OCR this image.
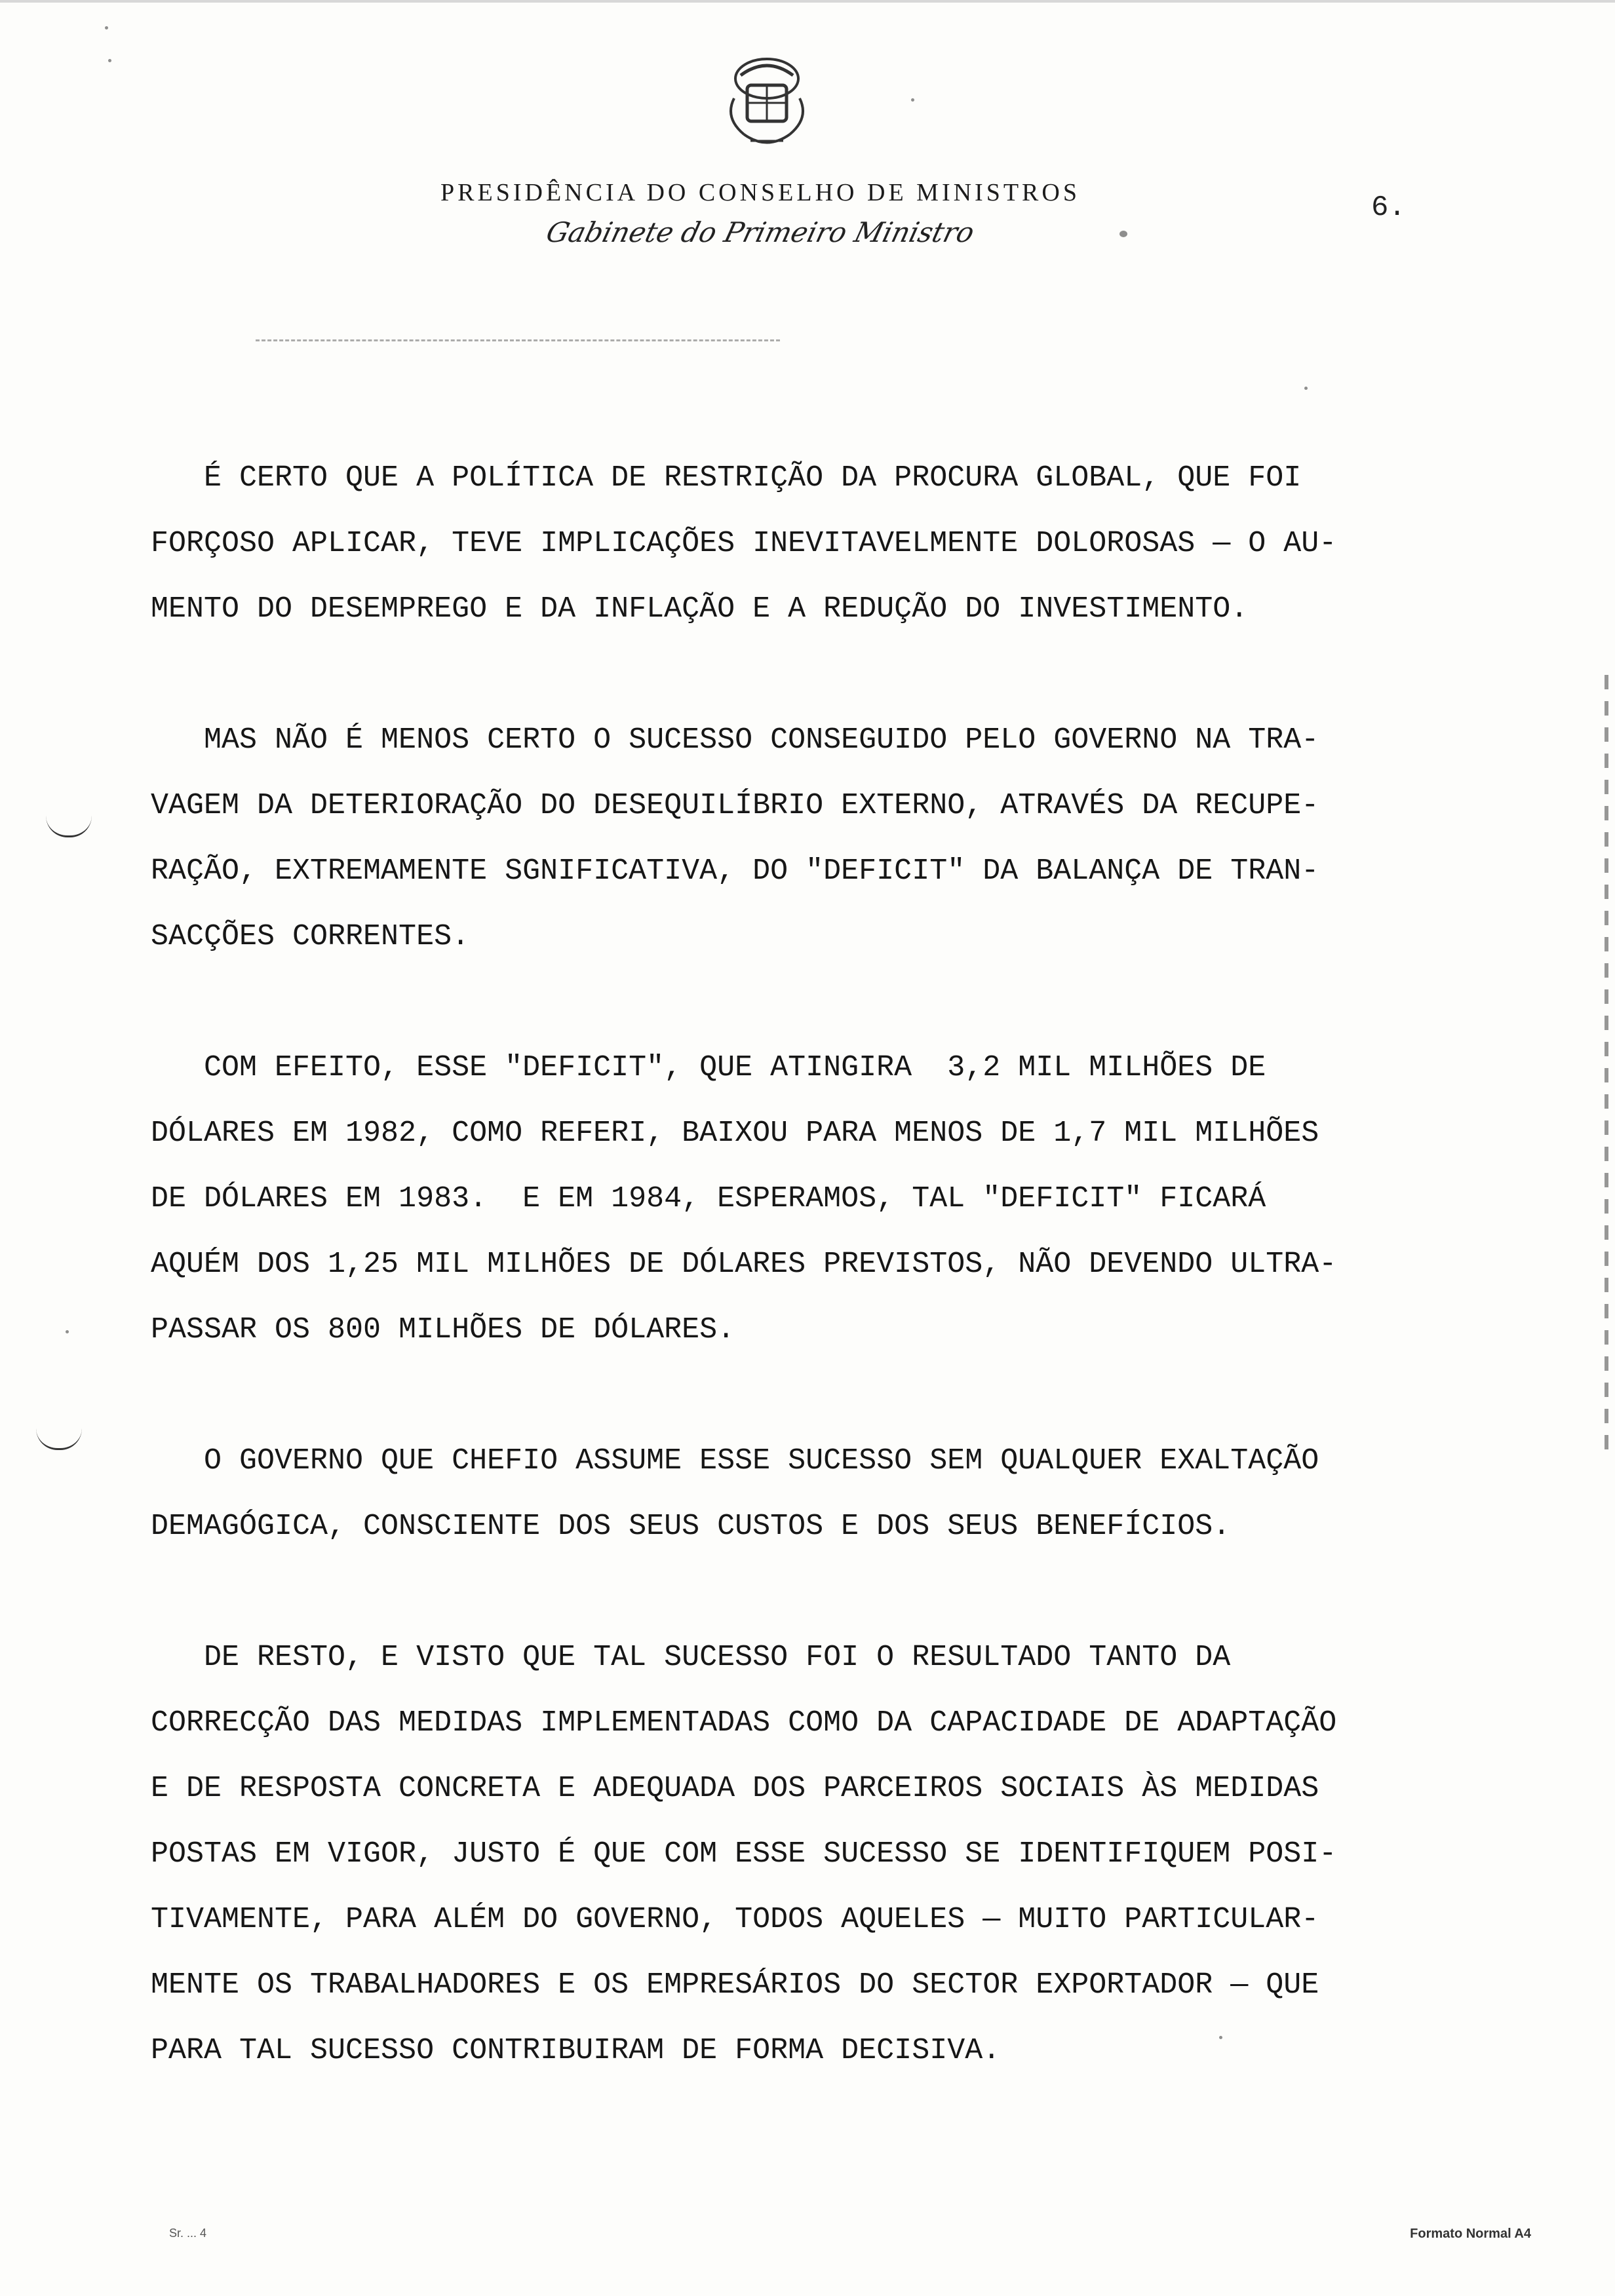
PRESIDÊNCIA DO CONSELHO DE MINISTROS
Gabinete do Primeiro Ministro
6.
É CERTO QUE A POLÍTICA DE RESTRIÇÃO DA PROCURA GLOBAL, QUE FOI
FORÇOSO APLICAR, TEVE IMPLICAÇÕES INEVITAVELMENTE DOLOROSAS — O AU-
MENTO DO DESEMPREGO E DA INFLAÇÃO E A REDUÇÃO DO INVESTIMENTO.
MAS NÃO É MENOS CERTO O SUCESSO CONSEGUIDO PELO GOVERNO NA TRA-
VAGEM DA DETERIORAÇÃO DO DESEQUILÍBRIO EXTERNO, ATRAVÉS DA RECUPE-
RAÇÃO, EXTREMAMENTE SGNIFICATIVA, DO "DEFICIT" DA BALANÇA DE TRAN-
SACÇÕES CORRENTES.
COM EFEITO, ESSE "DEFICIT", QUE ATINGIRA  3,2 MIL MILHÕES DE
DÓLARES EM 1982, COMO REFERI, BAIXOU PARA MENOS DE 1,7 MIL MILHÕES
DE DÓLARES EM 1983.  E EM 1984, ESPERAMOS, TAL "DEFICIT" FICARÁ
AQUÉM DOS 1,25 MIL MILHÕES DE DÓLARES PREVISTOS, NÃO DEVENDO ULTRA-
PASSAR OS 800 MILHÕES DE DÓLARES.
O GOVERNO QUE CHEFIO ASSUME ESSE SUCESSO SEM QUALQUER EXALTAÇÃO
DEMAGÓGICA, CONSCIENTE DOS SEUS CUSTOS E DOS SEUS BENEFÍCIOS.
DE RESTO, E VISTO QUE TAL SUCESSO FOI O RESULTADO TANTO DA
CORRECÇÃO DAS MEDIDAS IMPLEMENTADAS COMO DA CAPACIDADE DE ADAPTAÇÃO
E DE RESPOSTA CONCRETA E ADEQUADA DOS PARCEIROS SOCIAIS ÀS MEDIDAS
POSTAS EM VIGOR, JUSTO É QUE COM ESSE SUCESSO SE IDENTIFIQUEM POSI-
TIVAMENTE, PARA ALÉM DO GOVERNO, TODOS AQUELES — MUITO PARTICULAR-
MENTE OS TRABALHADORES E OS EMPRESÁRIOS DO SECTOR EXPORTADOR — QUE
PARA TAL SUCESSO CONTRIBUIRAM DE FORMA DECISIVA.
Sr. ... 4	Formato Normal A4
